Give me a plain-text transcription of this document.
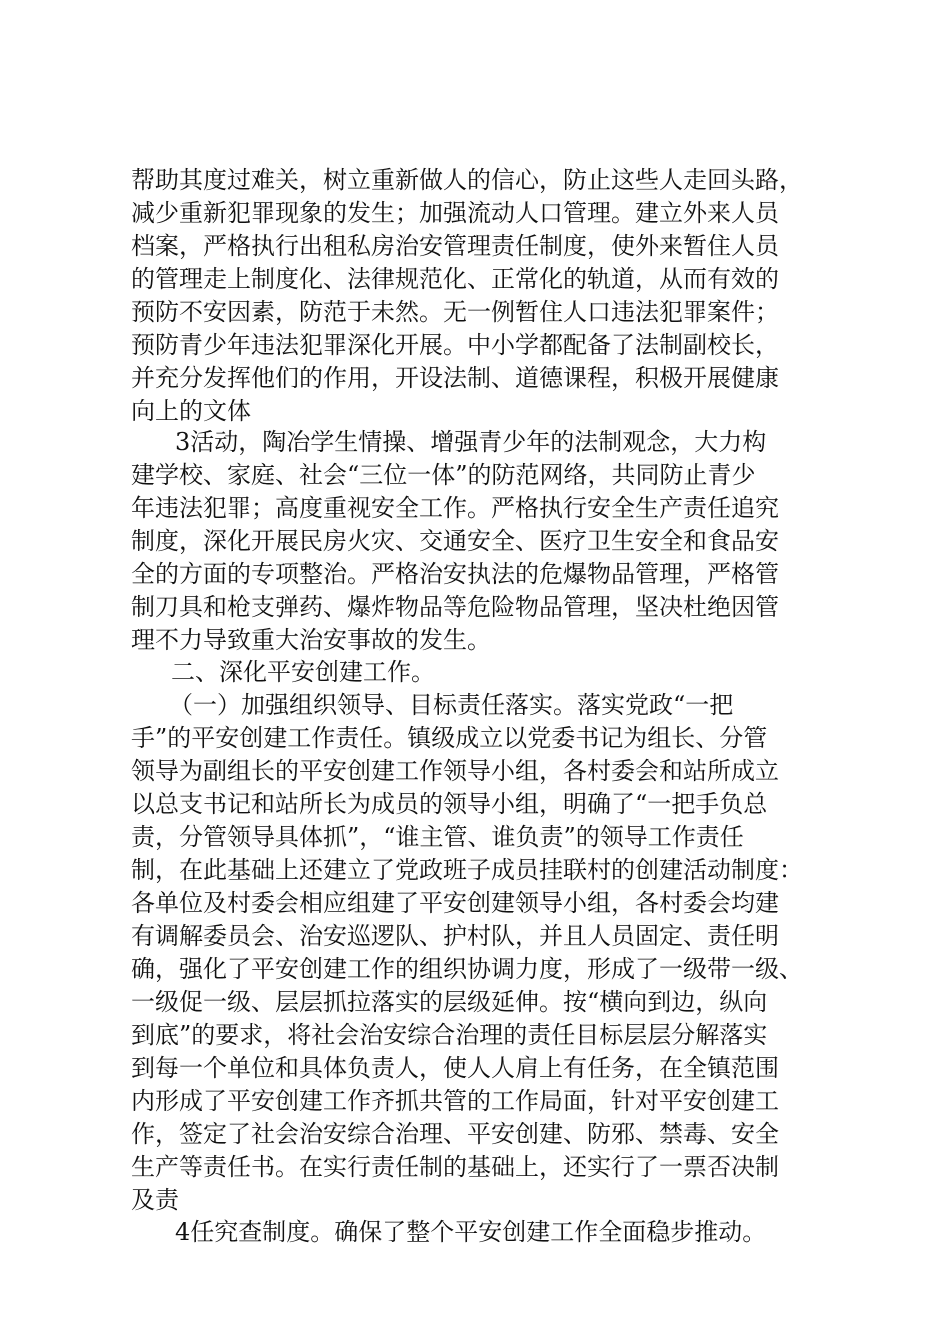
帮助其度过难关，树立重新做人的信心，防止这些人走回头路，
减少重新犯罪现象的发生；加强流动人口管理。建立外来人员
档案，严格执行出租私房治安管理责任制度，使外来暂住人员
的管理走上制度化、法律规范化、正常化的轨道，从而有效的
预防不安因素，防范于未然。无一例暂住人口违法犯罪案件；
预防青少年违法犯罪深化开展。中小学都配备了法制副校长，
并充分发挥他们的作用，开设法制、道德课程，积极开展健康
向上的文体
3活动，陶冶学生情操、增强青少年的法制观念，大力构
建学校、家庭、社会“三位一体”的防范网络，共同防止青少
年违法犯罪；高度重视安全工作。严格执行安全生产责任追究
制度，深化开展民房火灾、交通安全、医疗卫生安全和食品安
全的方面的专项整治。严格治安执法的危爆物品管理，严格管
制刀具和枪支弹药、爆炸物品等危险物品管理，坚决杜绝因管
理不力导致重大治安事故的发生。
二、深化平安创建工作。
（一）加强组织领导、目标责任落实。落实党政“一把
手”的平安创建工作责任。镇级成立以党委书记为组长、分管
领导为副组长的平安创建工作领导小组，各村委会和站所成立
以总支书记和站所长为成员的领导小组，明确了“一把手负总
责，分管领导具体抓”，“谁主管、谁负责”的领导工作责任
制，在此基础上还建立了党政班子成员挂联村的创建活动制度：
各单位及村委会相应组建了平安创建领导小组，各村委会均建
有调解委员会、治安巡逻队、护村队，并且人员固定、责任明
确，强化了平安创建工作的组织协调力度，形成了一级带一级、
一级促一级、层层抓拉落实的层级延伸。按“横向到边，纵向
到底”的要求，将社会治安综合治理的责任目标层层分解落实
到每一个单位和具体负责人，使人人肩上有任务，在全镇范围
内形成了平安创建工作齐抓共管的工作局面，针对平安创建工
作，签定了社会治安综合治理、平安创建、防邪、禁毒、安全
生产等责任书。在实行责任制的基础上，还实行了一票否决制
及责
4任究查制度。确保了整个平安创建工作全面稳步推动。
